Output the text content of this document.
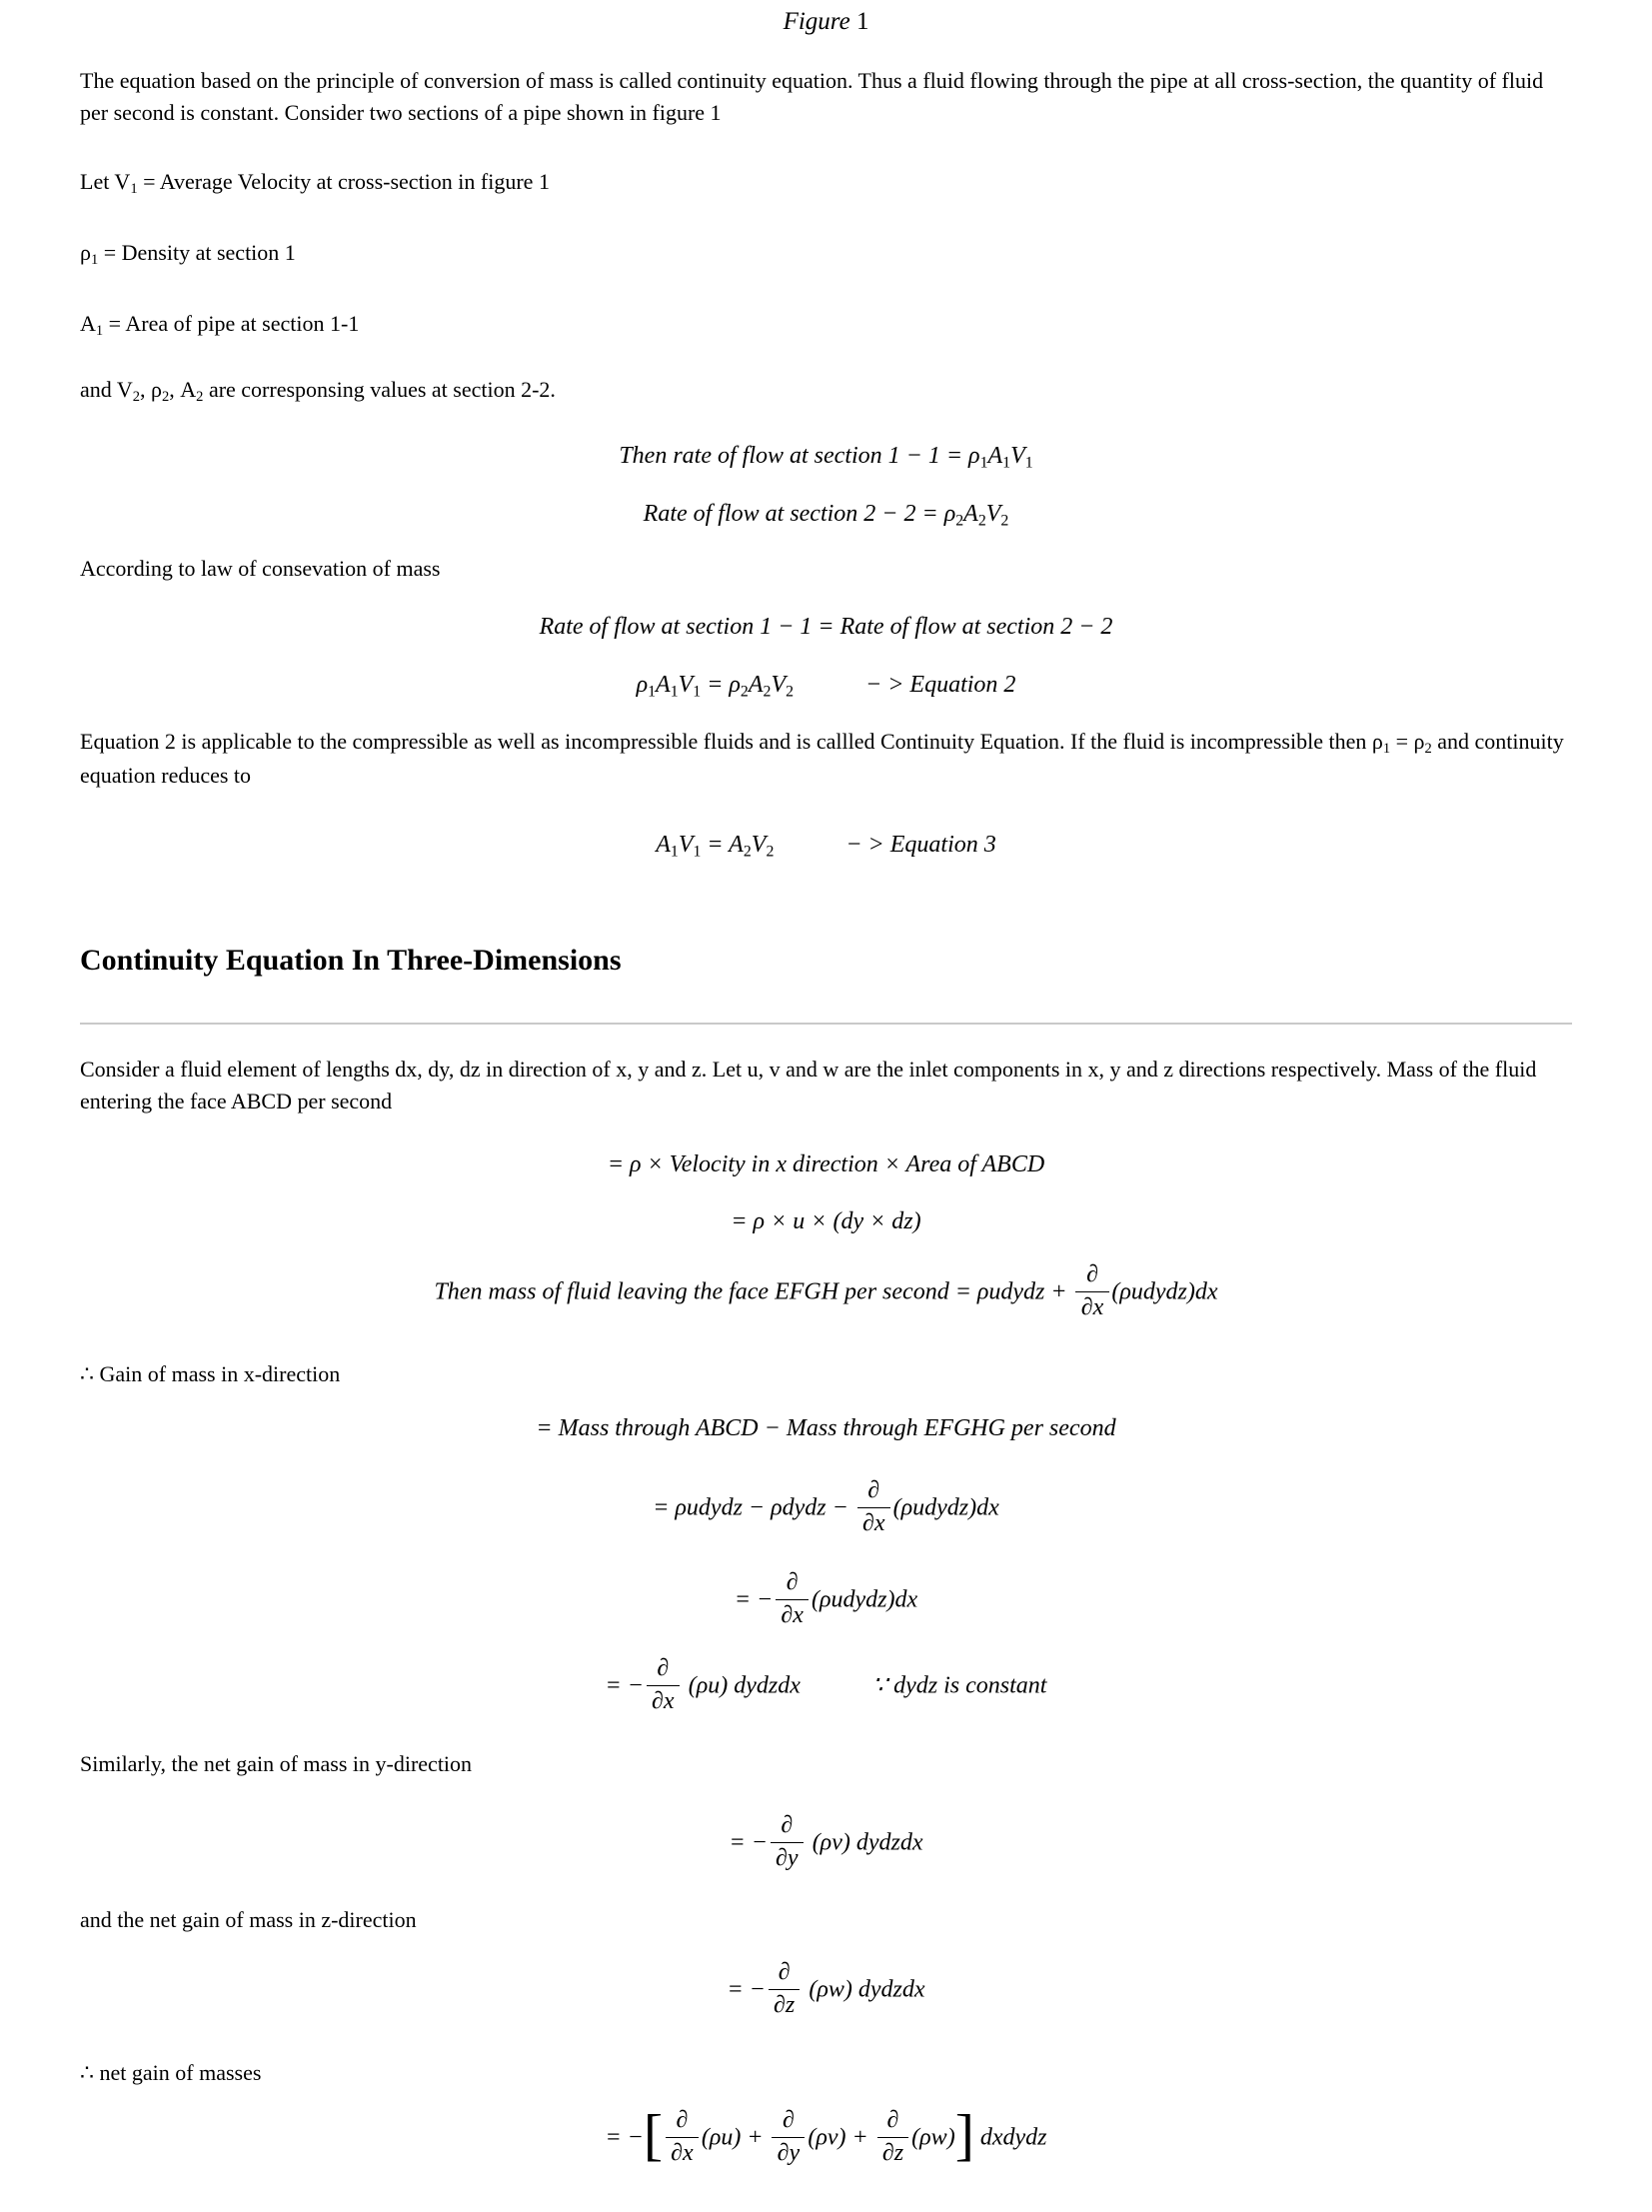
Figure 1
The equation based on the principle of conversion of mass is called continuity equation. Thus a fluid flowing through the pipe at all cross-section, the quantity of fluid per second is constant. Consider two sections of a pipe shown in figure 1
Let V1 = Average Velocity at cross-section in figure 1
ρ1 = Density at section 1
A1 = Area of pipe at section 1-1
and V2, ρ2, A2 are corresponsing values at section 2-2.
Then rate of flow at section 1 − 1 = ρ1A1V1
Rate of flow at section 2 − 2 = ρ2A2V2
According to law of consevation of mass
Rate of flow at section 1 − 1 = Rate of flow at section 2 − 2
ρ1A1V1 = ρ2A2V2	− > Equation 2
Equation 2 is applicable to the compressible as well as incompressible fluids and is callled Continuity Equation. If the fluid is incompressible then ρ1 = ρ2 and continuity equation reduces to
A1V1 = A2V2	− > Equation 3
Continuity Equation In Three-Dimensions
Consider a fluid element of lengths dx, dy, dz in direction of x, y and z. Let u, v and w are the inlet components in x, y and z directions respectively. Mass of the fluid entering the face ABCD per second
= ρ × Velocity in x direction × Area of ABCD
= ρ × u × (dy × dz)
Then mass of fluid leaving the face EFGH per second = ρudydz +
∂
∂x
(ρudydz)dx
∴ Gain of mass in x-direction
= Mass through ABCD − Mass through EFGHG per second
= ρudydz − ρdydz −
∂
∂x
(ρudydz)dx
= −
∂
∂x
(ρudydz)dx
= −
∂
∂x
(ρu) dydzdx	∵ dydz is constant
Similarly, the net gain of mass in y-direction
= −
∂
∂y
(ρv) dydzdx
and the net gain of mass in z-direction
= −
∂
∂z
(ρw) dydzdx
∴ net gain of masses
= −[ ∂
∂x
(ρu) +
∂
∂y
(ρv) +
∂
∂z
(ρw)] dxdydz
